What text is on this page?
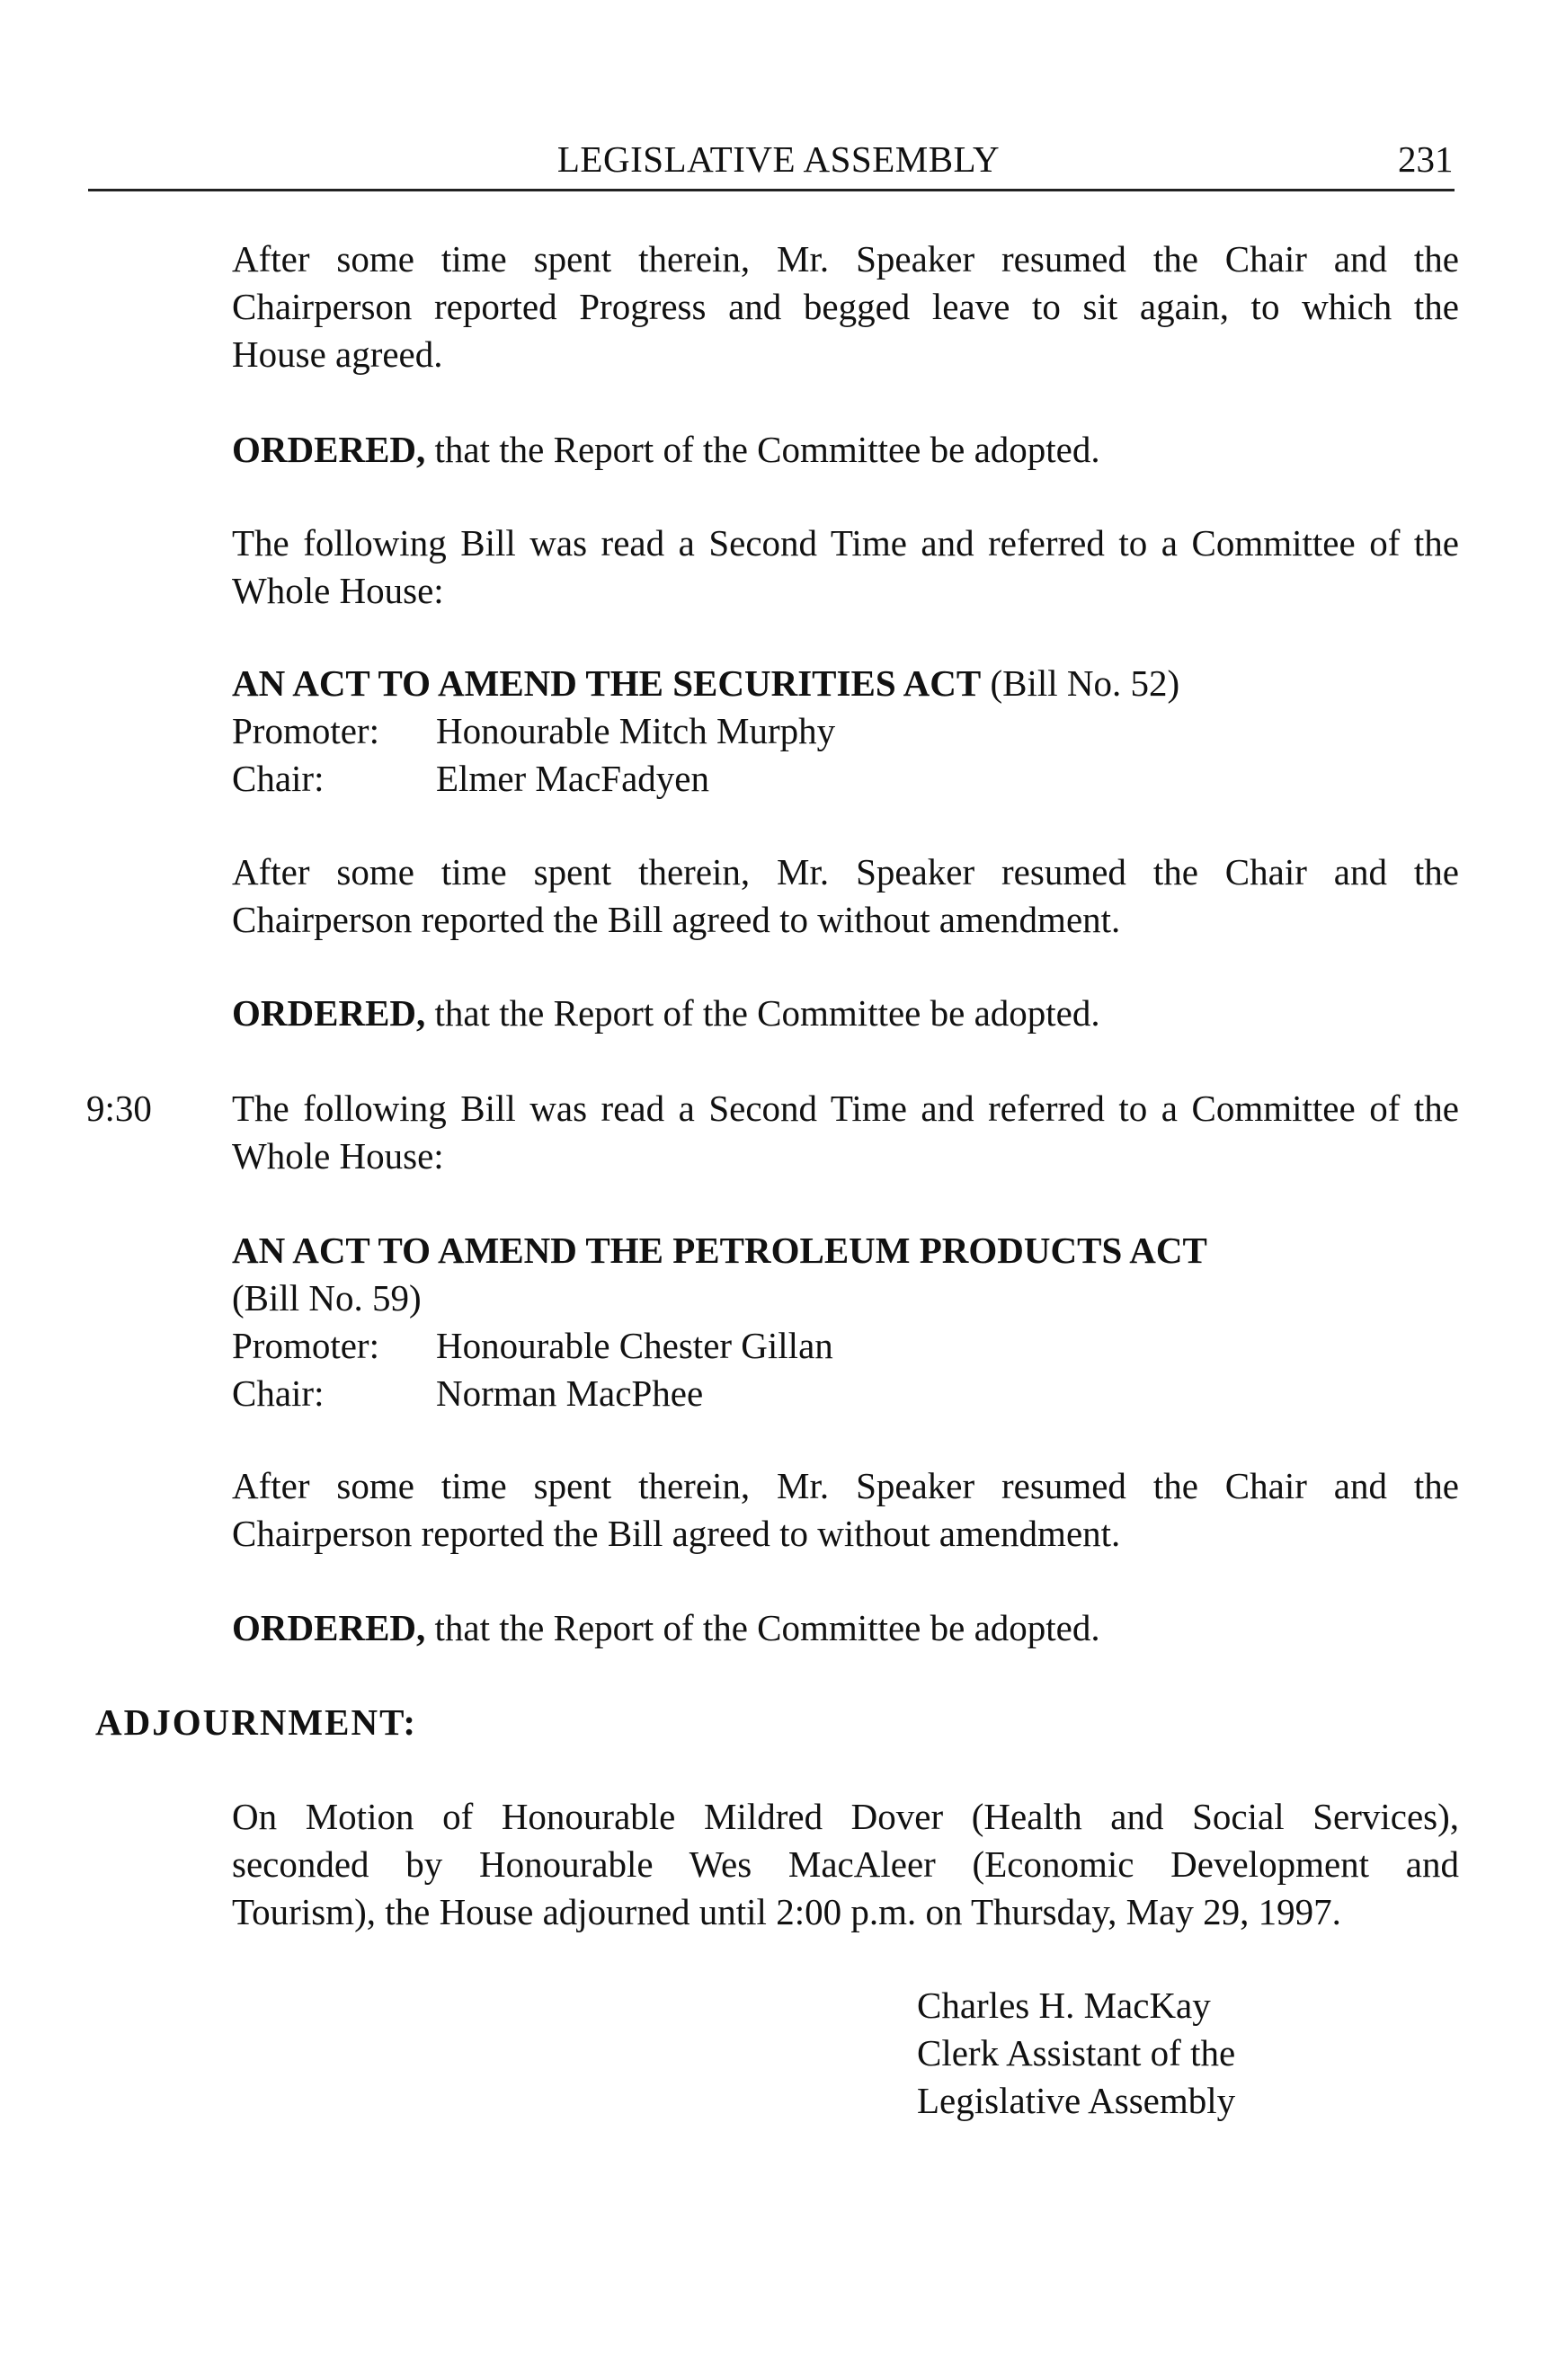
LEGISLATIVE ASSEMBLY	231
After some time spent therein, Mr. Speaker resumed the Chair and the
Chairperson reported Progress and begged leave to sit again, to which the
House agreed.
ORDERED, that the Report of the Committee be adopted.
The following Bill was read a Second Time and referred to a Committee of the
Whole House:
AN ACT TO AMEND THE SECURITIES ACT (Bill No. 52)
Promoter: Honourable Mitch Murphy
Chair:	Elmer MacFadyen
After some time spent therein, Mr. Speaker resumed the Chair and the
Chairperson reported the Bill agreed to without amendment.
ORDERED, that the Report of the Committee be adopted.
9:30 The following Bill was read a Second Time and referred to a Committee of the
Whole House:
AN ACT TO AMEND THE PETROLEUM PRODUCTS ACT
(Bill No. 59)
Promoter: Honourable Chester Gillan
Chair:	Norman MacPhee
After some time spent therein, Mr. Speaker resumed the Chair and the
Chairperson reported the Bill agreed to without amendment.
ORDERED, that the Report of the Committee be adopted.
ADJOURNMENT:
On Motion of Honourable Mildred Dover (Health and Social Services),
seconded by Honourable Wes MacAleer (Economic Development and
Tourism), the House adjourned until 2:00 p.m. on Thursday, May 29, 1997.
Charles H. MacKay
Clerk Assistant of the
Legislative Assembly
